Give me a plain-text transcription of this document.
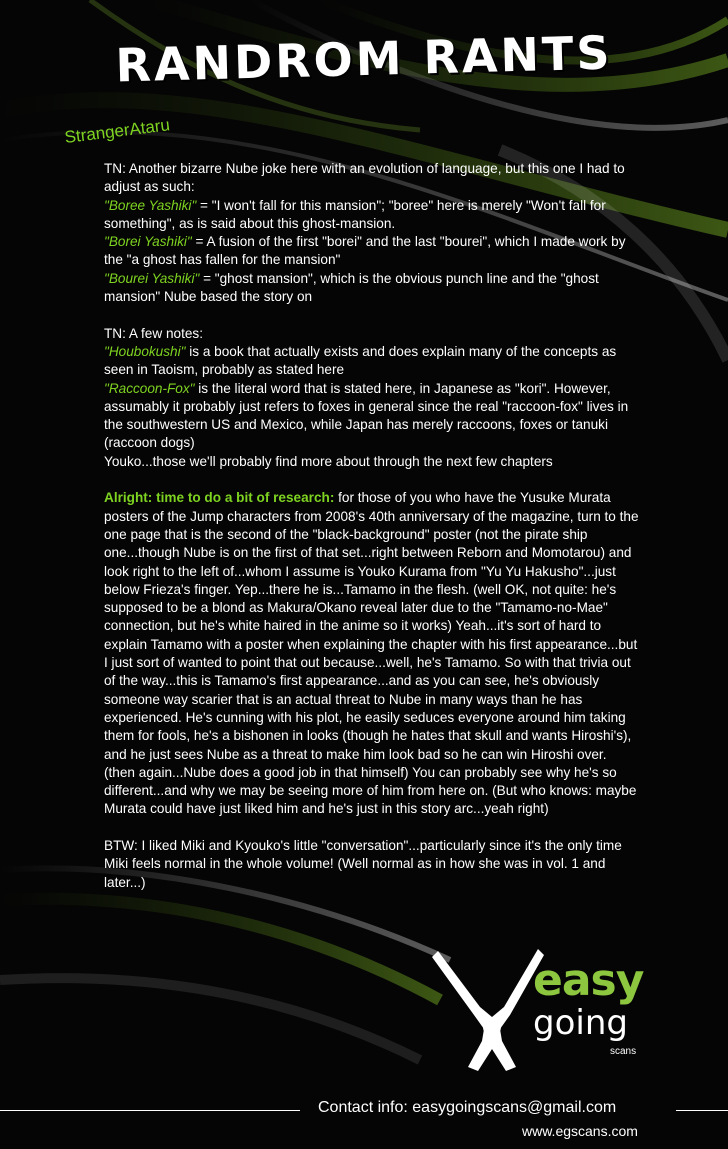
RANDROM RANTS
StrangerAtaru

TN: Another bizarre Nube joke here with an evolution of language, but this one I had to adjust as such:
"Boree Yashiki" = "I won't fall for this mansion"; "boree" here is merely "Won't fall for something", as is said about this ghost-mansion.
"Borei Yashiki" = A fusion of the first "borei" and the last "bourei", which I made work by the "a ghost has fallen for the mansion"
"Bourei Yashiki" = "ghost mansion", which is the obvious punch line and the "ghost mansion" Nube based the story on

TN: A few notes:
"Houbokushi" is a book that actually exists and does explain many of the concepts as seen in Taoism, probably as stated here
"Raccoon-Fox" is the literal word that is stated here, in Japanese as "kori". However, assumably it probably just refers to foxes in general since the real "raccoon-fox" lives in the southwestern US and Mexico, while Japan has merely raccoons, foxes or tanuki (raccoon dogs)
Youko...those we'll probably find more about through the next few chapters

Alright: time to do a bit of research: for those of you who have the Yusuke Murata posters of the Jump characters from 2008's 40th anniversary of the magazine, turn to the one page that is the second of the "black-background" poster (not the pirate ship one...though Nube is on the first of that set...right between Reborn and Momotarou) and look right to the left of...whom I assume is Youko Kurama from "Yu Yu Hakusho"...just below Frieza's finger. Yep...there he is...Tamamo in the flesh. (well OK, not quite: he's supposed to be a blond as Makura/Okano reveal later due to the "Tamamo-no-Mae" connection, but he's white haired in the anime so it works) Yeah...it's sort of hard to explain Tamamo with a poster when explaining the chapter with his first appearance...but I just sort of wanted to point that out because...well, he's Tamamo. So with that trivia out of the way...this is Tamamo's first appearance...and as you can see, he's obviously someone way scarier that is an actual threat to Nube in many ways than he has experienced. He's cunning with his plot, he easily seduces everyone around him taking them for fools, he's a bishonen in looks (though he hates that skull and wants Hiroshi's), and he just sees Nube as a threat to make him look bad so he can win Hiroshi over. (then again...Nube does a good job in that himself) You can probably see why he's so different...and why we may be seeing more of him from here on. (But who knows: maybe Murata could have just liked him and he's just in this story arc...yeah right)

BTW: I liked Miki and Kyouko's little "conversation"...particularly since it's the only time Miki feels normal in the whole volume! (Well normal as in how she was in vol. 1 and later...)

easy
going
scans
Contact info: easygoingscans@gmail.com
www.egscans.com
